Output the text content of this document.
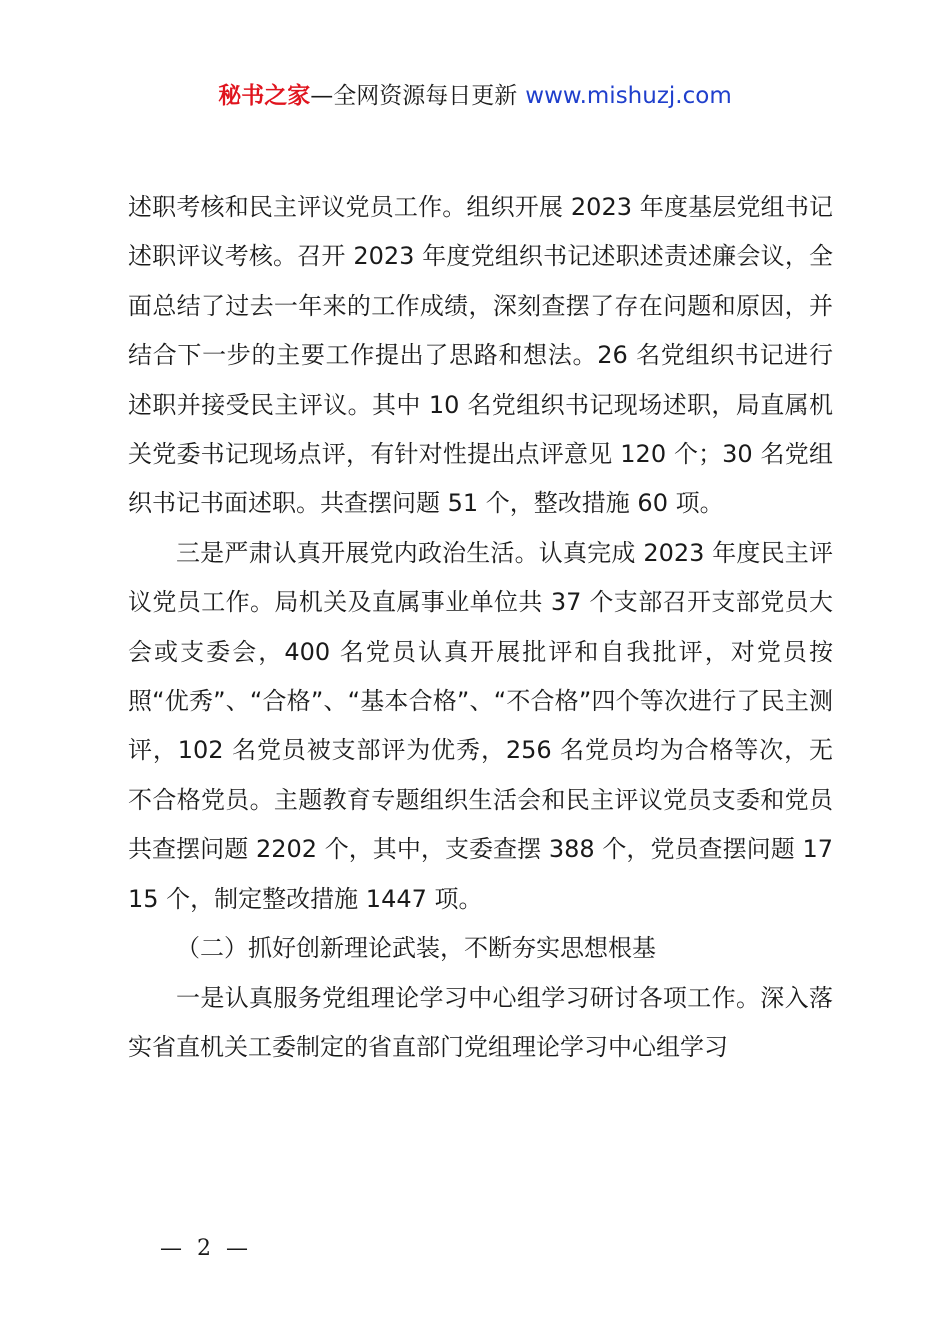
秘书之家—全网资源每日更新 www.mishuzj.com

述职考核和民主评议党员工作。组织开展 2023 年度基层党组书记述职评议考核。召开 2023 年度党组织书记述职述责述廉会议，全面总结了过去一年来的工作成绩，深刻查摆了存在问题和原因，并结合下一步的主要工作提出了思路和想法。26 名党组织书记进行述职并接受民主评议。其中 10 名党组织书记现场述职，局直属机关党委书记现场点评，有针对性提出点评意见 120 个；30 名党组织书记书面述职。共查摆问题 51 个，整改措施 60 项。

三是严肃认真开展党内政治生活。认真完成 2023 年度民主评议党员工作。局机关及直属事业单位共 37 个支部召开支部党员大会或支委会，400 名党员认真开展批评和自我批评，对党员按照“优秀”、“合格”、“基本合格”、“不合格”四个等次进行了民主测评，102 名党员被支部评为优秀，256 名党员均为合格等次，无不合格党员。主题教育专题组织生活会和民主评议党员支委和党员共查摆问题 2202 个，其中，支委查摆 388 个，党员查摆问题 1715 个，制定整改措施 1447 项。

（二）抓好创新理论武装，不断夯实思想根基

一是认真服务党组理论学习中心组学习研讨各项工作。深入落实省直机关工委制定的省直部门党组理论学习中心组学习

— 2 —
